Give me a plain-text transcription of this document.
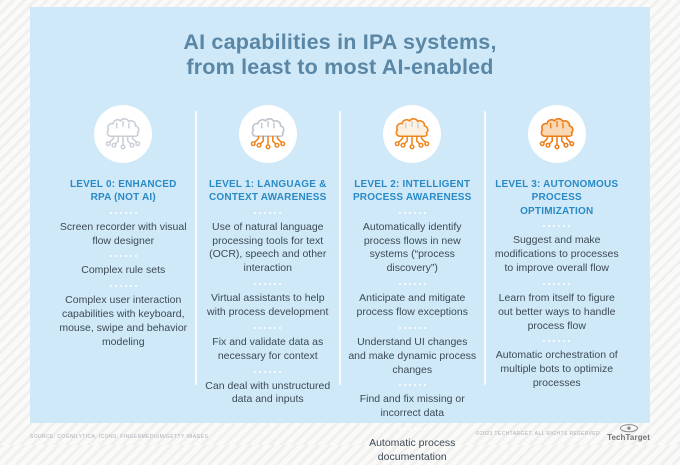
AI capabilities in IPA systems,
from least to most AI-enabled
LEVEL 0: ENHANCED
RPA (NOT AI)
Screen recorder with visual flow designer
Complex rule sets
Complex user interaction capabilities with keyboard, mouse, swipe and behavior modeling
LEVEL 1: LANGUAGE &
CONTEXT AWARENESS
Use of natural language processing tools for text (OCR), speech and other interaction
Virtual assistants to help with process development
Fix and validate data as necessary for context
Can deal with unstructured data and inputs
LEVEL 2: INTELLIGENT
PROCESS AWARENESS
Automatically identify process flows in new systems (“process discovery”)
Anticipate and mitigate process flow exceptions
Understand UI changes and make dynamic process changes
Find and fix missing or incorrect data
Automatic process documentation
LEVEL 3: AUTONOMOUS
PROCESS
OPTIMIZATION
Suggest and make modifications to processes to improve overall flow
Learn from itself to figure out better ways to handle process flow
Automatic orchestration of multiple bots to optimize processes
SOURCE: COGNILYTICA; ICONS: FINGERMEDIUM/GETTY IMAGES	©2023 TECHTARGET, ALL RIGHTS RESERVED TechTarget
